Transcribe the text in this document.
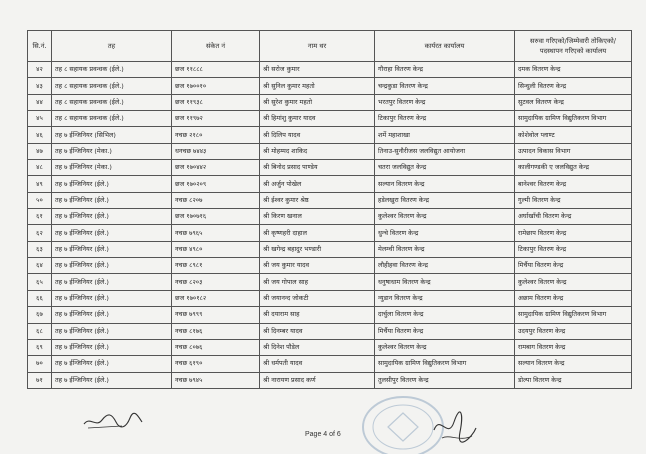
सि.नं.	तह	संकेत नं	नाम थर	कार्यरत कार्यालय	सरुवा गरिएको/जिम्मेवारी तोकिएको/ पदस्थापन गरिएको कार्यालय
४२	तह ८ सहायक प्रवन्धक (ईले.)	छज ११८८८	श्री सरोज कुमार	गौराहा वितरण केन्द्र	दमक वितरण केन्द्र
४३	तह ८ सहायक प्रवन्धक (ईले.)	छज १७००१०	श्री सुनिल कुमार महतो	चन्द्रकुडा वितरण केन्द्र	सिन्धुली वितरण केन्द्र
४४	तह ८ सहायक प्रवन्धक (ईले.)	छज ११९३८	श्री सुरेश कुमार महतो	भरतपुर वितरण केन्द्र	सुटवल वितरण केन्द्र
४५	तह ८ सहायक प्रवन्धक (ईले.)	छज ११९७२	श्री हिमांशु कुमार यादव	टिकापुर वितरण केन्द्र	सामुदायिक ग्रामिण विद्युतिकरण विभाग
४६	तह ७ ईन्जिनियर (सिभिल)	नचछ २१८०	श्री दिलिप यादव	शर्मे महाशाखा	कोशेवोल प्लाण्ट
४७	तह ७ ईन्जिनियर (मेका.)	धनचछ ७४४३	श्री मोहम्मद शाकिद	तिनाउ-सुनौरीजस जलविद्युत आयोजना	उत्पादन विकास विभाग
४८	तह ७ ईन्जिनियर (मेका.)	छज १७०४४२	श्री बिनोद प्रसाद पाण्डेय	चतरा जलविद्युत केन्द्र	कालीगण्डकी ए जलविद्युत केन्द्र
४९	तह ७ ईन्जिनियर (ईले.)	छज १७०२०९	श्री अर्जुन पोखेल	सल्यान वितरण केन्द्र	बानेश्वर वितरण केन्द्र
५०	तह ७ ईन्जिनियर (ईले.)	नचछ ८२०७	श्री ईश्वर कुमार श्रेष्ठ	हडेलखुरा वितरण केन्द्र	गुल्मी वितरण केन्द्र
६१	तह ७ ईन्जिनियर (ईले.)	छज १७०७१६	श्री किरण खनाल	कुलेश्वर वितरण केन्द्र	अर्घाखाँची वितरण केन्द्र
६२	तह ७ ईन्जिनियर (ईले.)	नचछ ७९६५	श्री कृष्णहरी दाहाल	धुन्चे वितरण केन्द्र	रामेछाप वितरण केन्द्र
६३	तह ७ ईन्जिनियर (ईले.)	नचछ ४९८०	श्री खगेन्द्र बहादुर भण्डारी	मेलम्ची वितरण केन्द्र	टिकापुर वितरण केन्द्र
६४	तह ७ ईन्जिनियर (ईले.)	नचछ ८९८१	श्री जय कुमार यादव	लौहीहवा वितरण केन्द्र	मिर्चैया वितरण केन्द्र
६५	तह ७ ईन्जिनियर (ईले.)	नचछ ८२०३	श्री जय गोपाल साह	धनुषाधाम वितरण केन्द्र	कुलेश्वर वितरण केन्द्र
६६	तह ७ ईन्जिनियर (ईले.)	छज १७०१८२	श्री जयानन्द जोकटी	न्युडान वितरण केन्द्र	अछाम वितरण केन्द्र
६७	तह ७ ईन्जिनियर (ईले.)	नचछ ७९९९	श्री दयाराम साह	दार्चुला वितरण केन्द्र	सामुदायिक ग्रामिण विद्युतिकरण विभाग
६८	तह ७ ईन्जिनियर (ईले.)	नचछ ८१७६	श्री दिनम्बर यादव	मिर्चैया वितरण केन्द्र	उदयपुर वितरण केन्द्र
६९	तह ७ ईन्जिनियर (ईले.)	नचछ ८०७६	श्री दिनेश पौडेल	कुलेश्वर वितरण केन्द्र	रामबाग वितरण केन्द्र
७०	तह ७ ईन्जिनियर (ईले.)	नचछ ६१९०	श्री धर्मपती यादव	सामुदायिक ग्रामिण विद्युतिकरण विभाग	सल्यान वितरण केन्द्र
७१	तह ७ ईन्जिनियर (ईले.)	नचछ ७९४५	श्री नारायण प्रसाद कर्ण	तुलसीपुर वितरण केन्द्र	डोल्पा वितरण केन्द्र
Page 4 of 6
